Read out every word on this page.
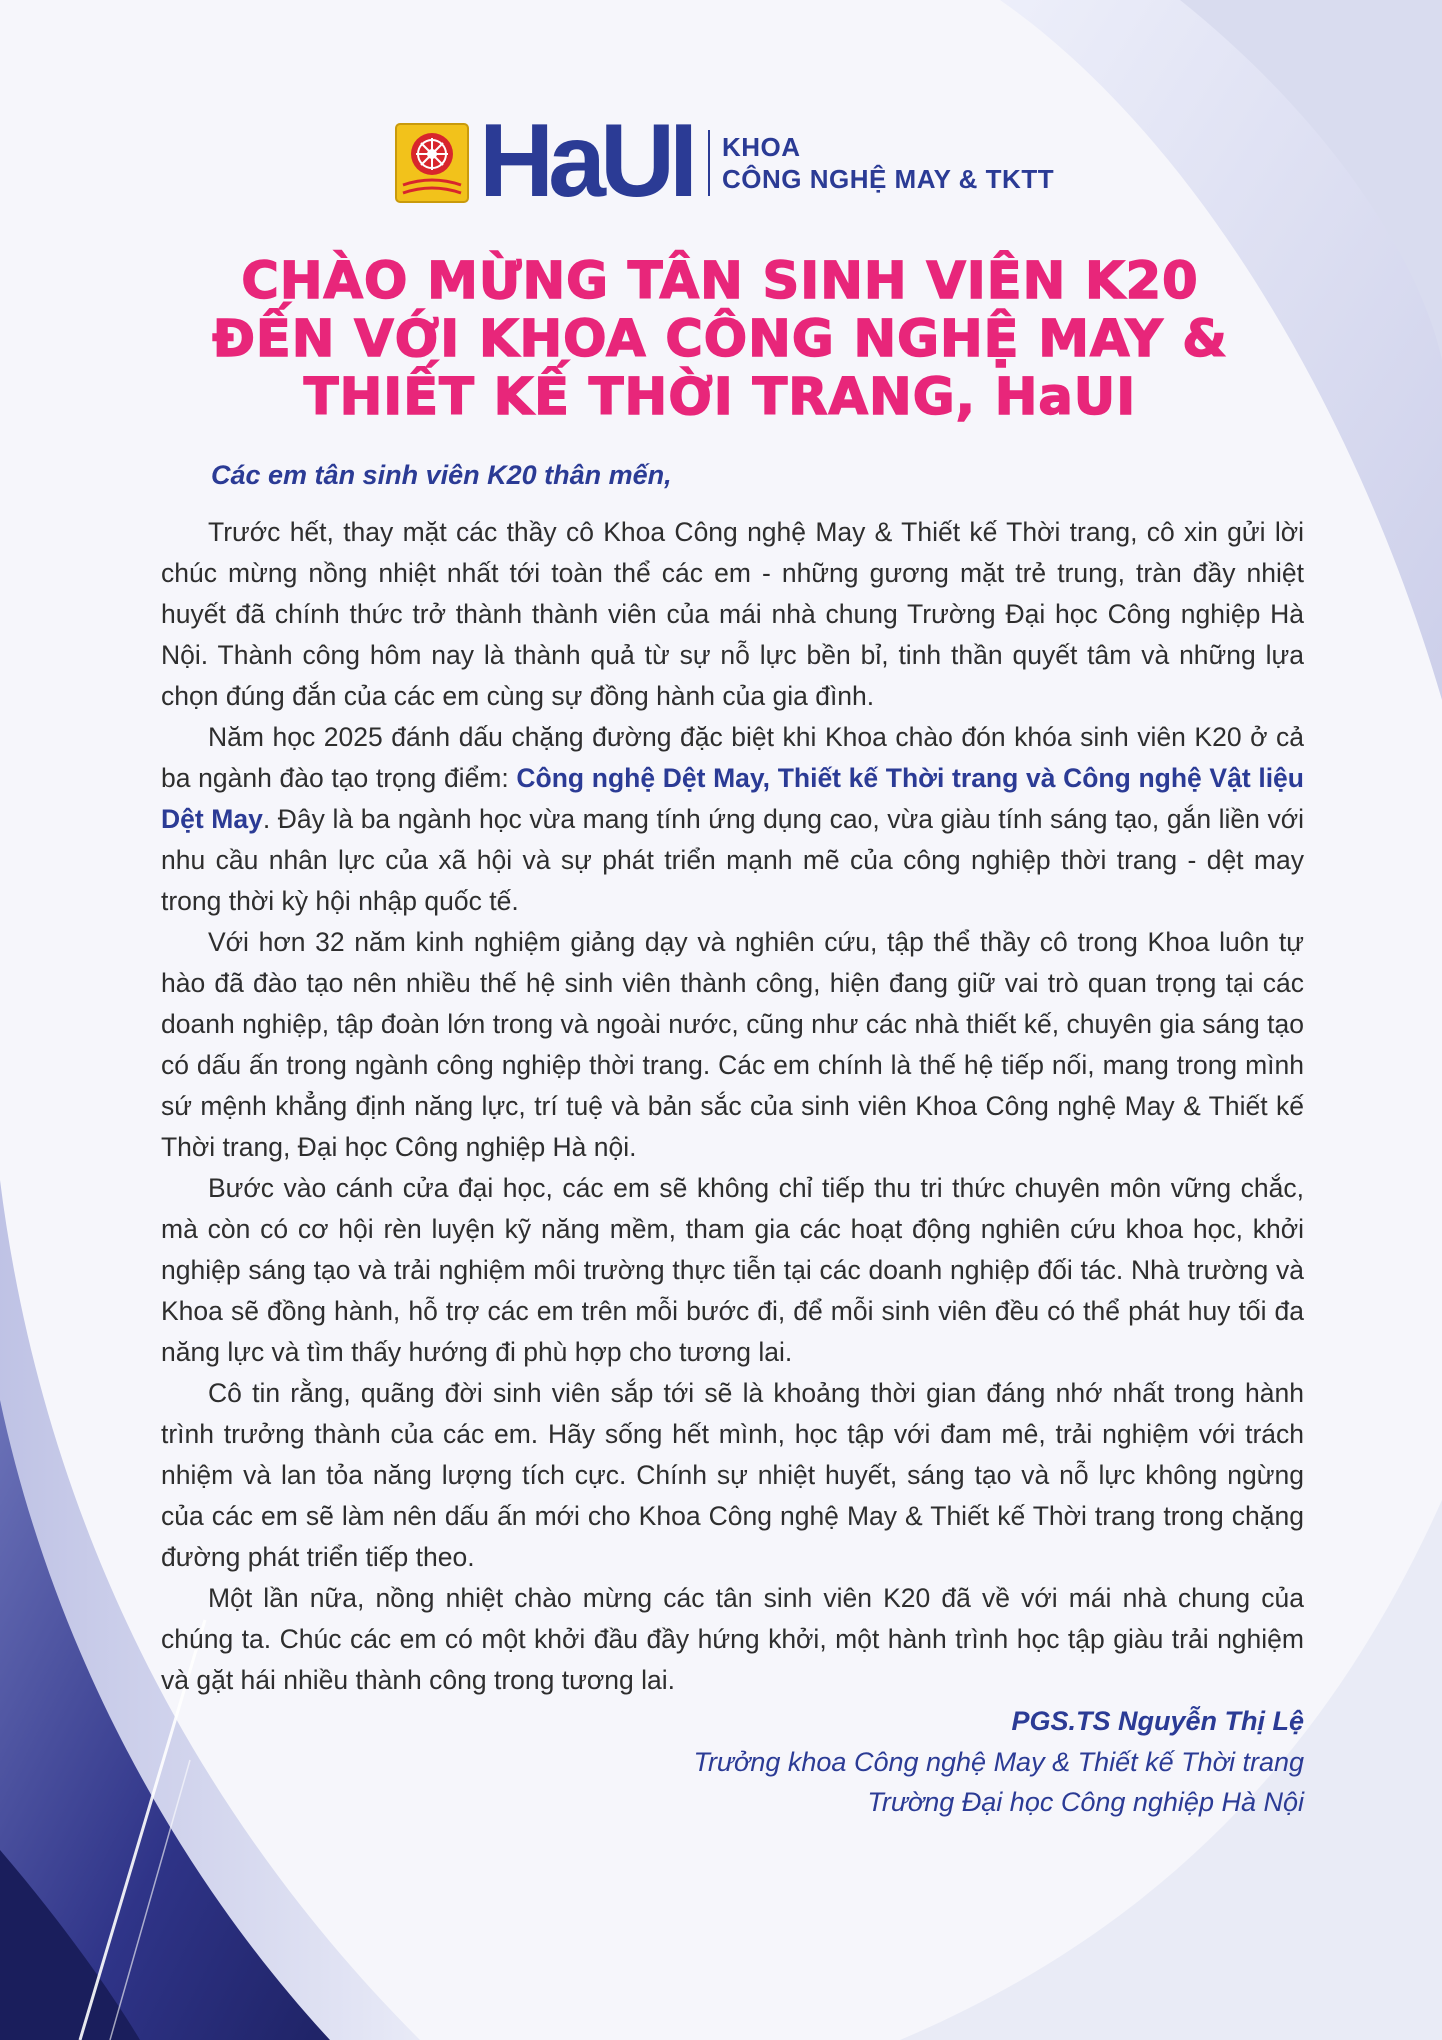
HaUI KHOA
CÔNG NGHỆ MAY & TKTT
CHÀO MỪNG TÂN SINH VIÊN K20
ĐẾN VỚI KHOA CÔNG NGHỆ MAY &
THIẾT KẾ THỜI TRANG, HaUI
Các em tân sinh viên K20 thân mến,

Trước hết, thay mặt các thầy cô Khoa Công nghệ May & Thiết kế Thời trang, cô xin gửi lời chúc mừng nồng nhiệt nhất tới toàn thể các em - những gương mặt trẻ trung, tràn đầy nhiệt huyết đã chính thức trở thành thành viên của mái nhà chung Trường Đại học Công nghiệp Hà Nội. Thành công hôm nay là thành quả từ sự nỗ lực bền bỉ, tinh thần quyết tâm và những lựa chọn đúng đắn của các em cùng sự đồng hành của gia đình.

Năm học 2025 đánh dấu chặng đường đặc biệt khi Khoa chào đón khóa sinh viên K20 ở cả ba ngành đào tạo trọng điểm: Công nghệ Dệt May, Thiết kế Thời trang và Công nghệ Vật liệu Dệt May. Đây là ba ngành học vừa mang tính ứng dụng cao, vừa giàu tính sáng tạo, gắn liền với nhu cầu nhân lực của xã hội và sự phát triển mạnh mẽ của công nghiệp thời trang - dệt may trong thời kỳ hội nhập quốc tế.

Với hơn 32 năm kinh nghiệm giảng dạy và nghiên cứu, tập thể thầy cô trong Khoa luôn tự hào đã đào tạo nên nhiều thế hệ sinh viên thành công, hiện đang giữ vai trò quan trọng tại các doanh nghiệp, tập đoàn lớn trong và ngoài nước, cũng như các nhà thiết kế, chuyên gia sáng tạo có dấu ấn trong ngành công nghiệp thời trang. Các em chính là thế hệ tiếp nối, mang trong mình sứ mệnh khẳng định năng lực, trí tuệ và bản sắc của sinh viên Khoa Công nghệ May & Thiết kế Thời trang, Đại học Công nghiệp Hà nội.

Bước vào cánh cửa đại học, các em sẽ không chỉ tiếp thu tri thức chuyên môn vững chắc, mà còn có cơ hội rèn luyện kỹ năng mềm, tham gia các hoạt động nghiên cứu khoa học, khởi nghiệp sáng tạo và trải nghiệm môi trường thực tiễn tại các doanh nghiệp đối tác. Nhà trường và Khoa sẽ đồng hành, hỗ trợ các em trên mỗi bước đi, để mỗi sinh viên đều có thể phát huy tối đa năng lực và tìm thấy hướng đi phù hợp cho tương lai.

Cô tin rằng, quãng đời sinh viên sắp tới sẽ là khoảng thời gian đáng nhớ nhất trong hành trình trưởng thành của các em. Hãy sống hết mình, học tập với đam mê, trải nghiệm với trách nhiệm và lan tỏa năng lượng tích cực. Chính sự nhiệt huyết, sáng tạo và nỗ lực không ngừng của các em sẽ làm nên dấu ấn mới cho Khoa Công nghệ May & Thiết kế Thời trang trong chặng đường phát triển tiếp theo.

Một lần nữa, nồng nhiệt chào mừng các tân sinh viên K20 đã về với mái nhà chung của chúng ta. Chúc các em có một khởi đầu đầy hứng khởi, một hành trình học tập giàu trải nghiệm và gặt hái nhiều thành công trong tương lai.

PGS.TS Nguyễn Thị Lệ
Trưởng khoa Công nghệ May & Thiết kế Thời trang
Trường Đại học Công nghiệp Hà Nội
